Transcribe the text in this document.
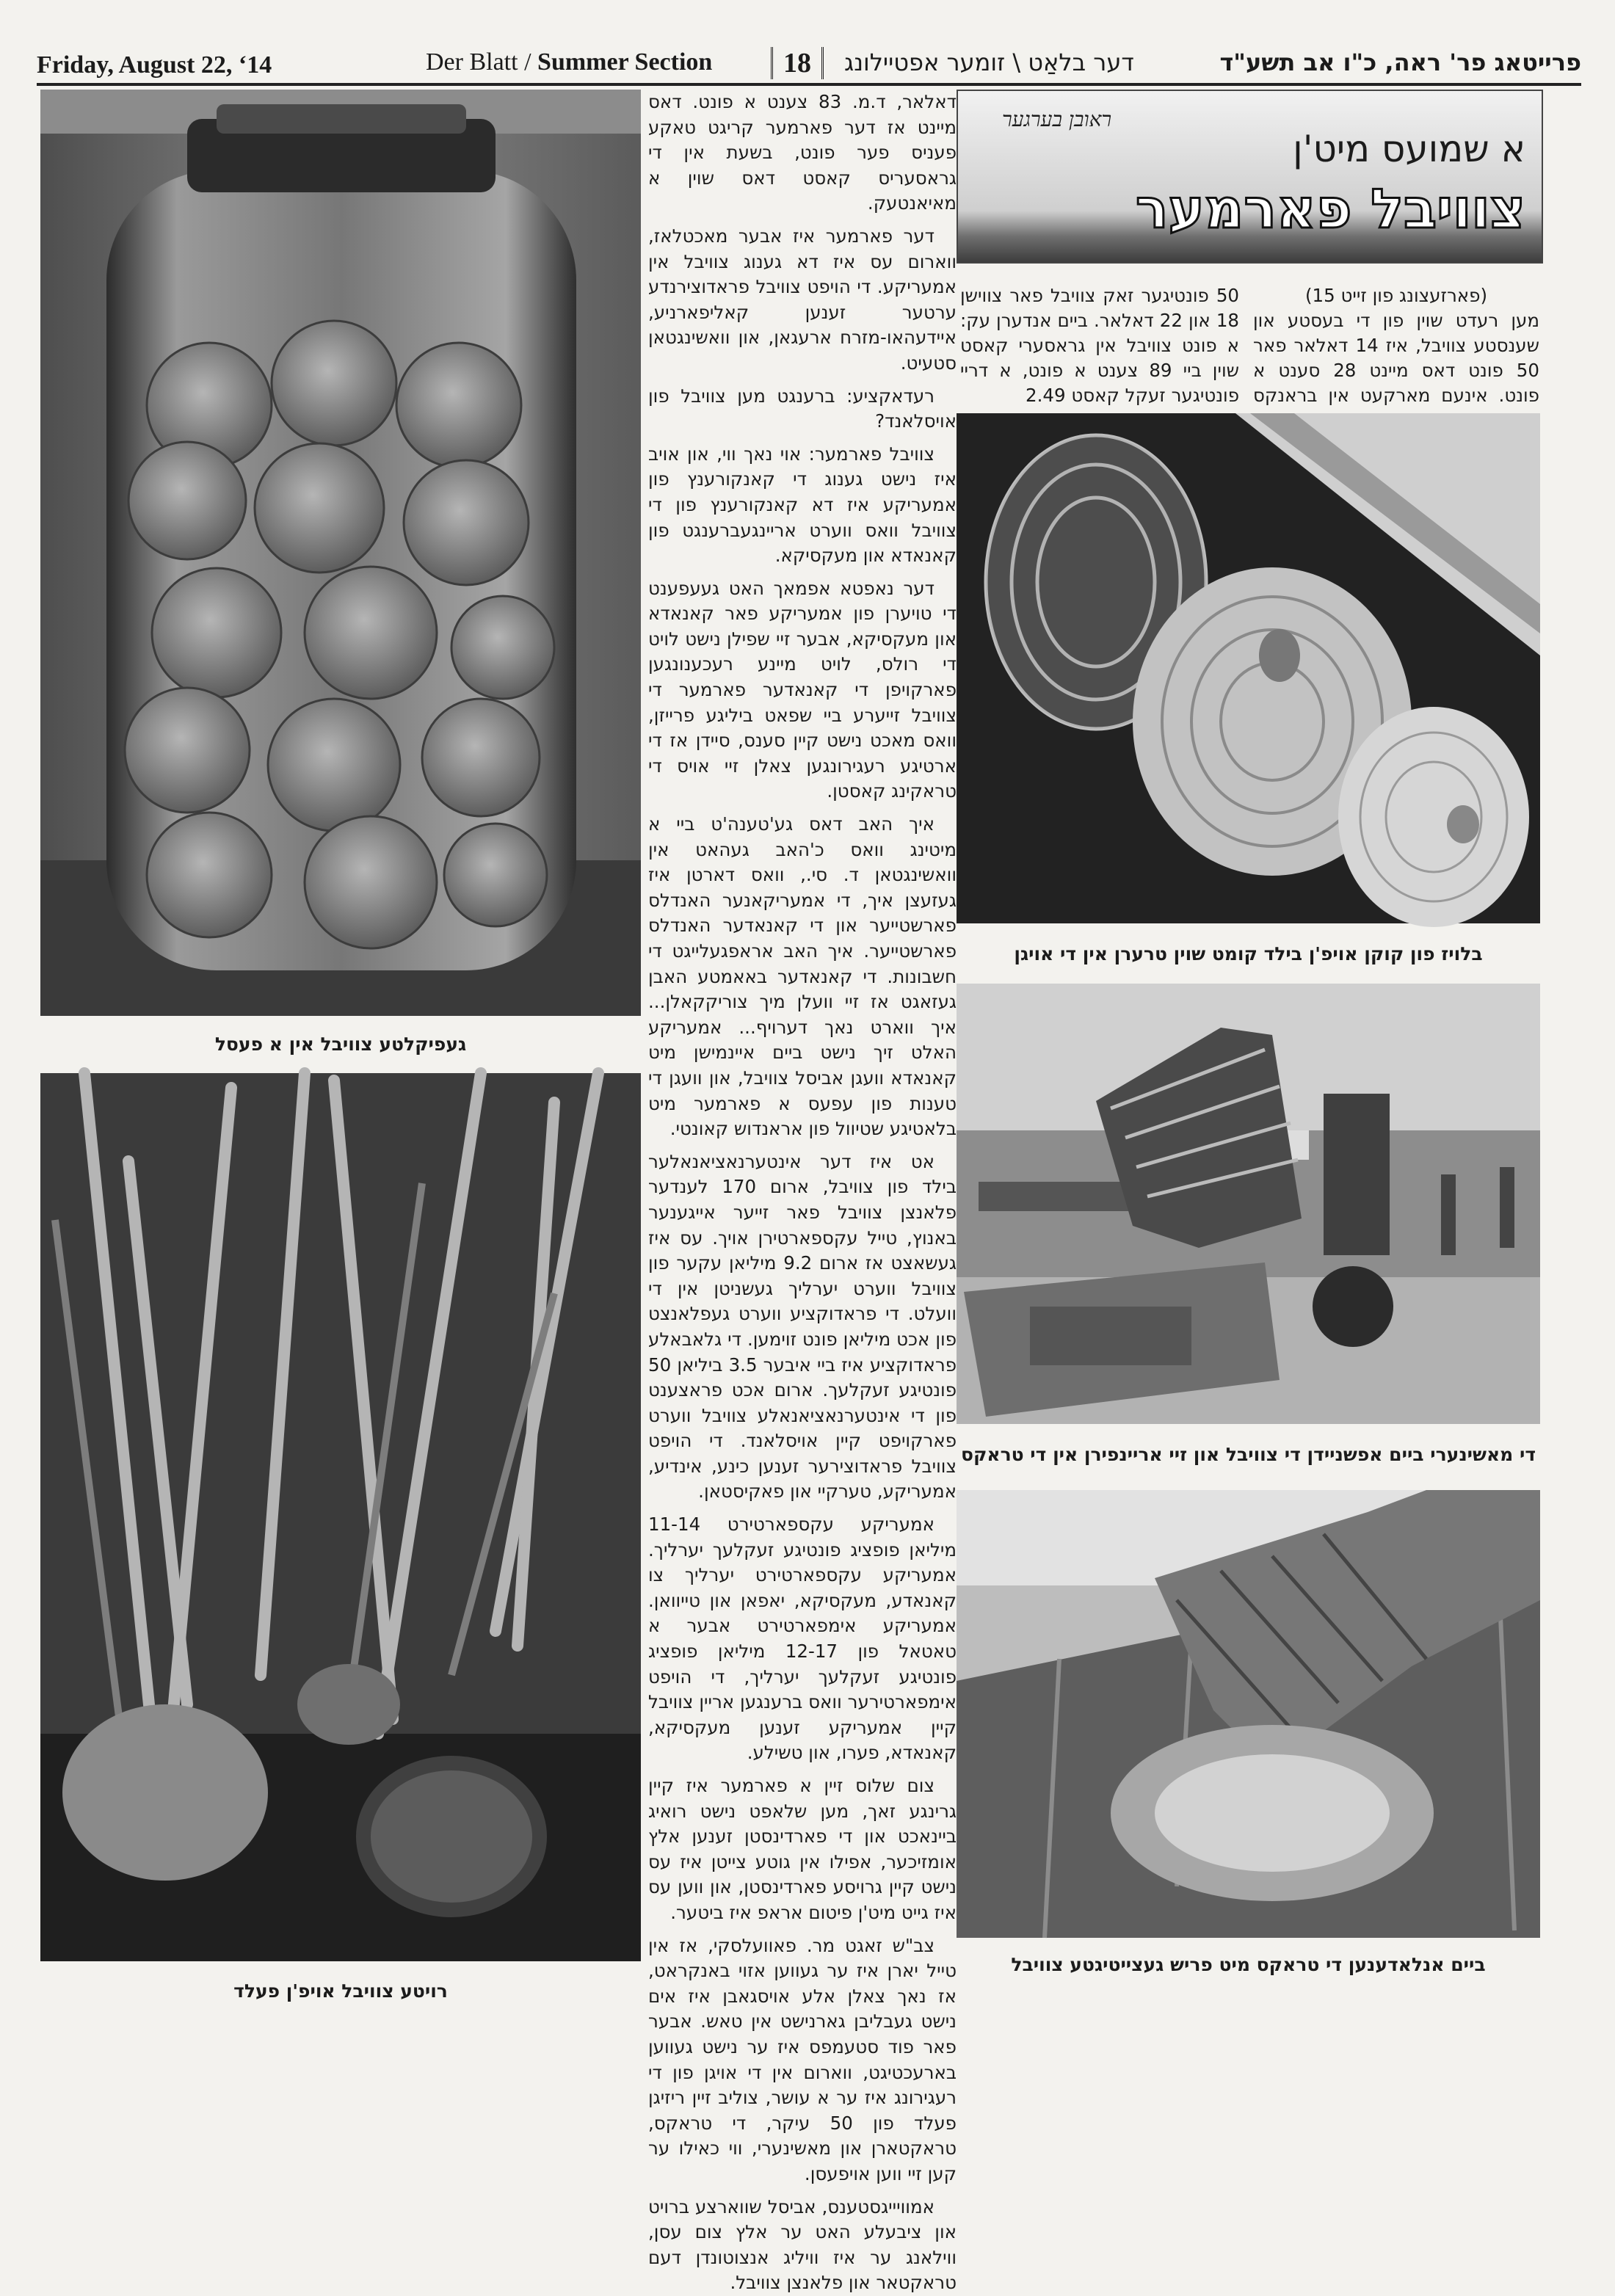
Friday, August 22, ‘14	Der Blatt / Summer Section	18	דער בלאַט \ זומער אפטיילונג	פרייטאג פר' ראה, כ"ו אב תשע"ד
געפיקלטע צוויבל אין א פעסל
רויטע צוויבל אויפ'ן פעלד

דאלאר, ד.מ. 83 צענט א פונט. דאס מיינט אז דער פארמער קריגט טאקע פעניס פער פונט, בשעת אין די גראסעריס קאסט דאס שוין א מאיאנטעק.

דער פארמער איז אבער מאכטלאז, ווארום עס איז דא גענוג צוויבל אין אמעריקע. די הויפט צוויבל פראדוצירנדע ערטער זענען קאליפארניע, איידעהאו-מזרח ארעגאן, און וואשינגטאן סטעיט.

רעדאקציע: ברענגט מען צוויבל פון אויסלאנד?

צוויבל פארמער: אוי נאך ווי, און אויב איז נישט גענוג די קאנקורענץ פון אמעריקע איז דא קאנקורענץ פון די צוויבל וואס ווערט אריינגעברענגט פון קאנאדא און מעקסיקא.

דער נאפטא אפמאך האט געעפענט די טויערן פון אמעריקע פאר קאנאדא און מעקסיקא, אבער זיי שפילן נישט לויט די רולס, לויט מיינע רעכענונגען פארקויפן די קאנאדער פארמער די צוויבל זייערע ביי שפאט ביליגע פרייזן, וואס מאכט נישט קיין סענס, סיידן אז די ארטיגע רעגירונגען צאלן זיי אויס די טראקינג קאסטן.

איך האב דאס גע'טענה'ט ביי א מיטינג וואס כ'האב געהאט אין וואשינגטאן ד. סי., וואס דארטן איז געזעצן איך, די אמעריקאנער האנדלס פארשטייער און די קאנאדער האנדלס פארשטייער. איך האב אראפגעלייגט די חשבונות. די קאנאדער באאמטע האבן געזאגט אז זיי וועלן מיך צוריקקאלן... איך ווארט נאך דערויף... אמעריקע האלט זיך נישט ביים איינמישן מיט קאנאדא וועגן אביסל צוויבל, און וועגן די טענות פון עפעס א פארמער מיט בלאטיגע שטיוול פון אראנדוש קאונטי.

אט איז דער אינטערנאציאנאלער בילד פון צוויבל, ארום 170 לענדער פלאנצן צוויבל פאר זייער אייגענער באנוץ, טייל עקספארטירן אויך. עס איז געשאצט אז ארום 9.2 מיליאן עקער פון צוויבל ווערט יערליך געשניטן אין די וועלט. די פראדוקציע ווערט געפלאנצט פון אכט מיליאן פונט זוימען. די גלאבאלע פראדוקציע איז ביי איבער 3.5 ביליאן 50 פונטיגע זעקלעך. ארום אכט פראצענט פון די אינטערנאציאנאלע צוויבל ווערט פארקויפט קיין אויסלאנד. די הויפט צוויבל פראדוצירער זענען כינע, אינדיע, אמעריקע, טערקיי און פאקיסטאן.

אמעריקע עקספארטירט 11-14 מיליאן פופציג פונטיגע זעקלעך יערליך. אמעריקע עקספארטירט יערליך צו קאנאדע, מעקסיקא, יאפאן און טייוואן. אמעריקע אימפארטירט אבער א טאטאל פון 12-17 מיליאן פופציג פונטיגע זעקלעך יערליך, די הויפט אימפארטירער וואס ברענגען אריין צוויבל קיין אמעריקע זענען מעקסיקא, קאנאדא, פערו, און טשילע.

צום שלוס זיין א פארמער איז קיין גרינגע זאך, מען שלאפט נישט רואיג ביינאכט און די פארדינסטן זענען אלץ אומזיכער, אפילו אין גוטע צייטן איז עס נישט קיין גרויסע פארדינסטן, און ווען עס איז גייט מיט'ן פיטום אראפ איז ביטער.

צב"ש זאגט מר. פאוועלסקי, אז אין טייל יארן איז ער געווען אזוי באנקראט, אז נאך צאלן אלע אויסגאבן איז אים נישט געבליבן גארנישט אין טאש. אבער פאר פוד סטעמפס איז ער נישט געווען בארעכטיגט, ווארום אין די אויגן פון די רעגירונג איז ער א עושר, צוליב זיין ריזיגן פעלד פון 50 עיקר, די טראקס, טראקטארן און מאשינערי, ווי כאילו ער קען זיי ווען אויפעסן.

אמוויייגסטענס, אביסל שווארצע ברויט און ציבעלע האט ער אלץ צום עסן, ווילאנג ער איז וויליג אנצוטונדן דעם טראקטאר און פלאנצן צוויבל.

ראובן בערגער
א שמועס מיט'ן
צוויבל פארמער

(פארזעצונג פון זייט 15)

מען רעדט שוין פון די בעסטע און שענסטע צוויבל, איז 14 דאלאר פאר 50 פונט דאס מיינט 28 סענט א פונט. אינעם מארקעט אין בראנקס

50 פונטיגער זאק צוויבל פאר צווישן 18 און 22 דאלאר. ביים אנדערן עק: א פונט צוויבל אין גראסערי קאסט שוין ביי 89 צענט א פונט, א דריי פונטיגער זעקל קאסט 2.49

בלויז פון קוקן אויפ'ן בילד קומט שוין טרערן אין די אויגן
די מאשינערי ביים אפשניידן די צוויבל און זיי אריינפירן אין די טראקס
ביים אנלאדענען די טראקס מיט פריש געצייטיגטע צוויבל
